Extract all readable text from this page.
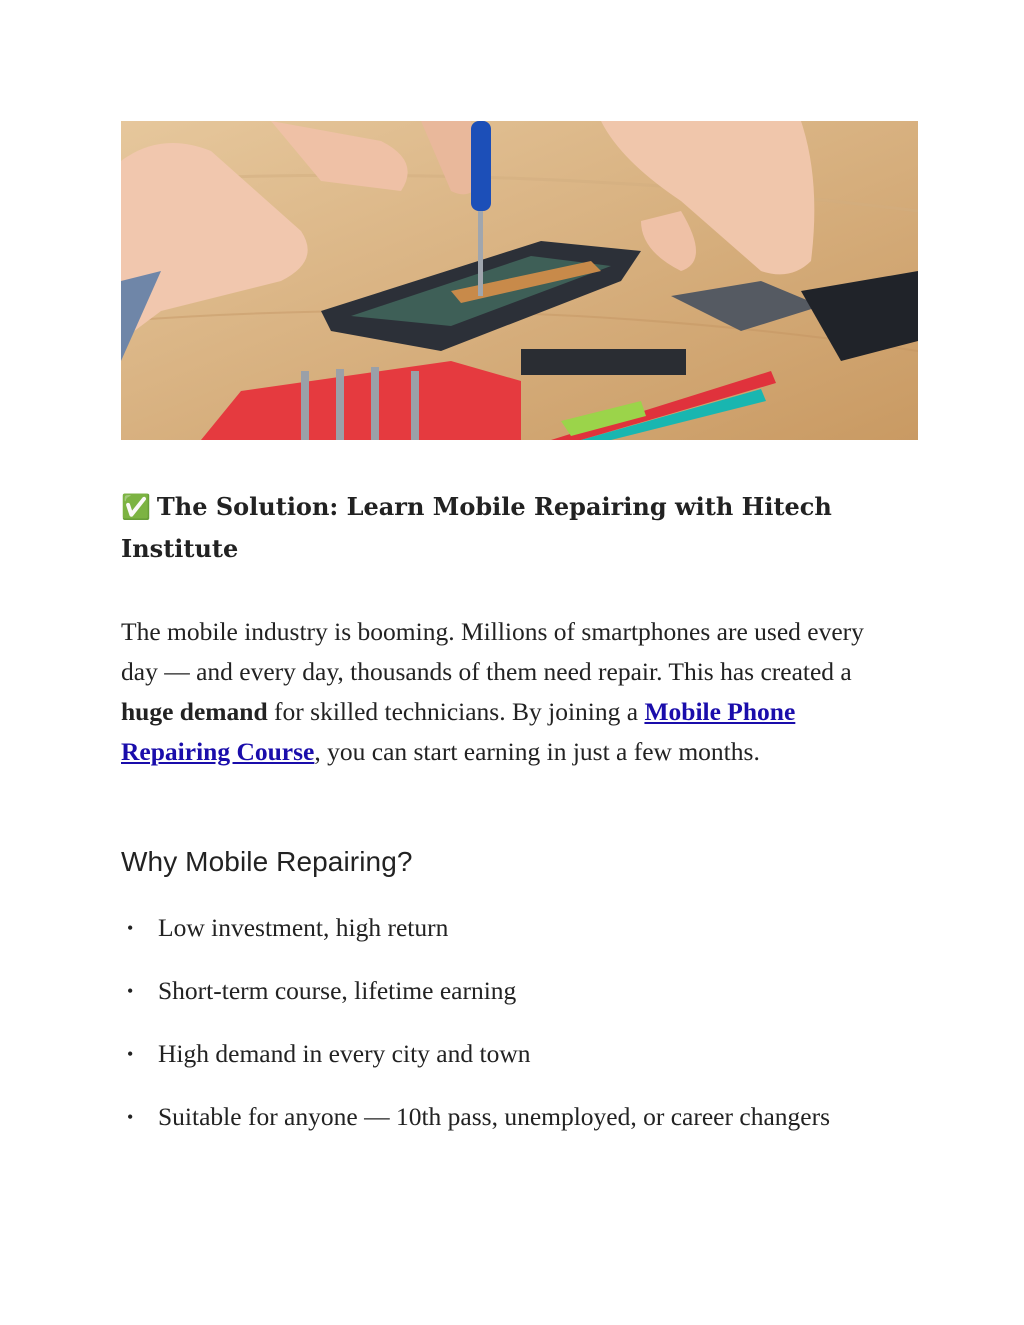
✅ The Solution: Learn Mobile Repairing with Hitech Institute

The mobile industry is booming. Millions of smartphones are used every day — and every day, thousands of them need repair. This has created a huge demand for skilled technicians. By joining a Mobile Phone Repairing Course, you can start earning in just a few months.

Why Mobile Repairing?
• Low investment, high return
• Short-term course, lifetime earning
• High demand in every city and town
• Suitable for anyone — 10th pass, unemployed, or career changers
